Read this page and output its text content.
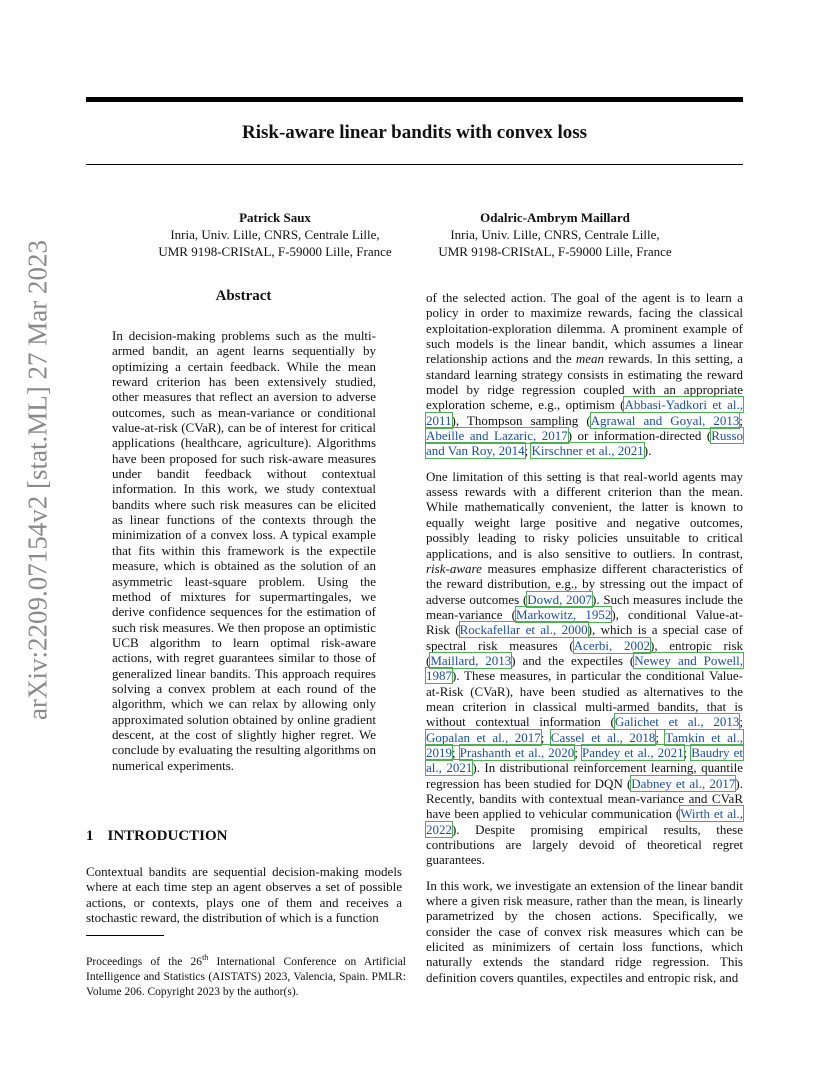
arXiv:2209.07154v2 [stat.ML] 27 Mar 2023
Risk-aware linear bandits with convex loss
Patrick Saux
Inria, Univ. Lille, CNRS, Centrale Lille,
UMR 9198-CRIStAL, F-59000 Lille, France
Odalric-Ambrym Maillard
Inria, Univ. Lille, CNRS, Centrale Lille,
UMR 9198-CRIStAL, F-59000 Lille, France
Abstract

In decision-making problems such as the multi-armed bandit, an agent learns sequentially by optimizing a certain feedback. While the mean reward criterion has been extensively studied, other measures that reflect an aversion to adverse outcomes, such as mean-variance or conditional value-at-risk (CVaR), can be of interest for critical applications (healthcare, agriculture). Algorithms have been proposed for such risk-aware measures under bandit feedback without contextual information. In this work, we study contextual bandits where such risk measures can be elicited as linear functions of the contexts through the minimization of a convex loss. A typical example that fits within this framework is the expectile measure, which is obtained as the solution of an asymmetric least-square problem. Using the method of mixtures for supermartingales, we derive confidence sequences for the estimation of such risk measures. We then propose an optimistic UCB algorithm to learn optimal risk-aware actions, with regret guarantees similar to those of generalized linear bandits. This approach requires solving a convex problem at each round of the algorithm, which we can relax by allowing only approximated solution obtained by online gradient descent, at the cost of slightly higher regret. We conclude by evaluating the resulting algorithms on numerical experiments.

1 INTRODUCTION

Contextual bandits are sequential decision-making models where at each time step an agent observes a set of possible actions, or contexts, plays one of them and receives a stochastic reward, the distribution of which is a function

Proceedings of the 26th International Conference on Artificial Intelligence and Statistics (AISTATS) 2023, Valencia, Spain. PMLR: Volume 206. Copyright 2023 by the author(s).

of the selected action. The goal of the agent is to learn a policy in order to maximize rewards, facing the classical exploitation-exploration dilemma. A prominent example of such models is the linear bandit, which assumes a linear relationship actions and the mean rewards. In this setting, a standard learning strategy consists in estimating the reward model by ridge regression coupled with an appropriate exploration scheme, e.g., optimism (Abbasi-Yadkori et al., 2011), Thompson sampling (Agrawal and Goyal, 2013; Abeille and Lazaric, 2017) or information-directed (Russo and Van Roy, 2014; Kirschner et al., 2021).

One limitation of this setting is that real-world agents may assess rewards with a different criterion than the mean. While mathematically convenient, the latter is known to equally weight large positive and negative outcomes, possibly leading to risky policies unsuitable to critical applications, and is also sensitive to outliers. In contrast, risk-aware measures emphasize different characteristics of the reward distribution, e.g., by stressing out the impact of adverse outcomes (Dowd, 2007). Such measures include the mean-variance (Markowitz, 1952), conditional Value-at-Risk (Rockafellar et al., 2000), which is a special case of spectral risk measures (Acerbi, 2002), entropic risk (Maillard, 2013) and the expectiles (Newey and Powell, 1987). These measures, in particular the conditional Value-at-Risk (CVaR), have been studied as alternatives to the mean criterion in classical multi-armed bandits, that is without contextual information (Galichet et al., 2013; Gopalan et al., 2017; Cassel et al., 2018; Tamkin et al., 2019; Prashanth et al., 2020; Pandey et al., 2021; Baudry et al., 2021). In distributional reinforcement learning, quantile regression has been studied for DQN (Dabney et al., 2017). Recently, bandits with contextual mean-variance and CVaR have been applied to vehicular communication (Wirth et al., 2022). Despite promising empirical results, these contributions are largely devoid of theoretical regret guarantees.

In this work, we investigate an extension of the linear bandit where a given risk measure, rather than the mean, is linearly parametrized by the chosen actions. Specifically, we consider the case of convex risk measures which can be elicited as minimizers of certain loss functions, which naturally extends the standard ridge regression. This definition covers quantiles, expectiles and entropic risk, and
